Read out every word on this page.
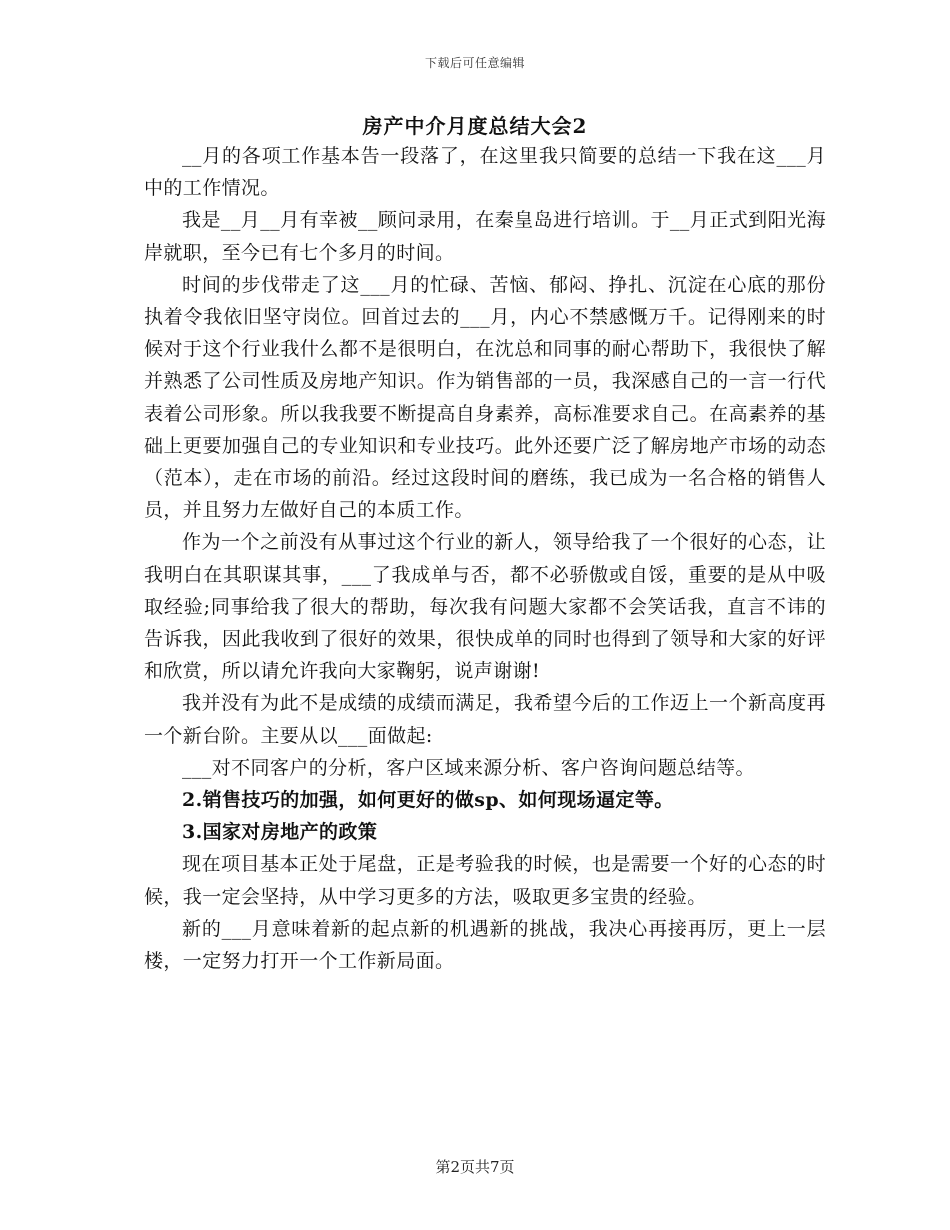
下载后可任意编辑
房产中介月度总结大会2

__月的各项工作基本告一段落了，在这里我只简要的总结一下我在这___月中的工作情况。

我是__月__月有幸被__顾问录用，在秦皇岛进行培训。于__月正式到阳光海岸就职，至今已有七个多月的时间。

时间的步伐带走了这___月的忙碌、苦恼、郁闷、挣扎、沉淀在心底的那份执着令我依旧坚守岗位。回首过去的___月，内心不禁感慨万千。记得刚来的时候对于这个行业我什么都不是很明白，在沈总和同事的耐心帮助下，我很快了解并熟悉了公司性质及房地产知识。作为销售部的一员，我深感自己的一言一行代表着公司形象。所以我我要不断提高自身素养，高标准要求自己。在高素养的基础上更要加强自己的专业知识和专业技巧。此外还要广泛了解房地产市场的动态（范本），走在市场的前沿。经过这段时间的磨练，我已成为一名合格的销售人员，并且努力左做好自己的本质工作。

作为一个之前没有从事过这个行业的新人，领导给我了一个很好的心态，让我明白在其职谋其事，___了我成单与否，都不必骄傲或自馁，重要的是从中吸取经验;同事给我了很大的帮助，每次我有问题大家都不会笑话我，直言不讳的告诉我，因此我收到了很好的效果，很快成单的同时也得到了领导和大家的好评和欣赏，所以请允许我向大家鞠躬，说声谢谢!

我并没有为此不是成绩的成绩而满足，我希望今后的工作迈上一个新高度再一个新台阶。主要从以___面做起:

___对不同客户的分析，客户区域来源分析、客户咨询问题总结等。

2.销售技巧的加强，如何更好的做sp、如何现场逼定等。

3.国家对房地产的政策

现在项目基本正处于尾盘，正是考验我的时候，也是需要一个好的心态的时候，我一定会坚持，从中学习更多的方法，吸取更多宝贵的经验。

新的___月意味着新的起点新的机遇新的挑战，我决心再接再厉，更上一层楼，一定努力打开一个工作新局面。

第2页共7页
